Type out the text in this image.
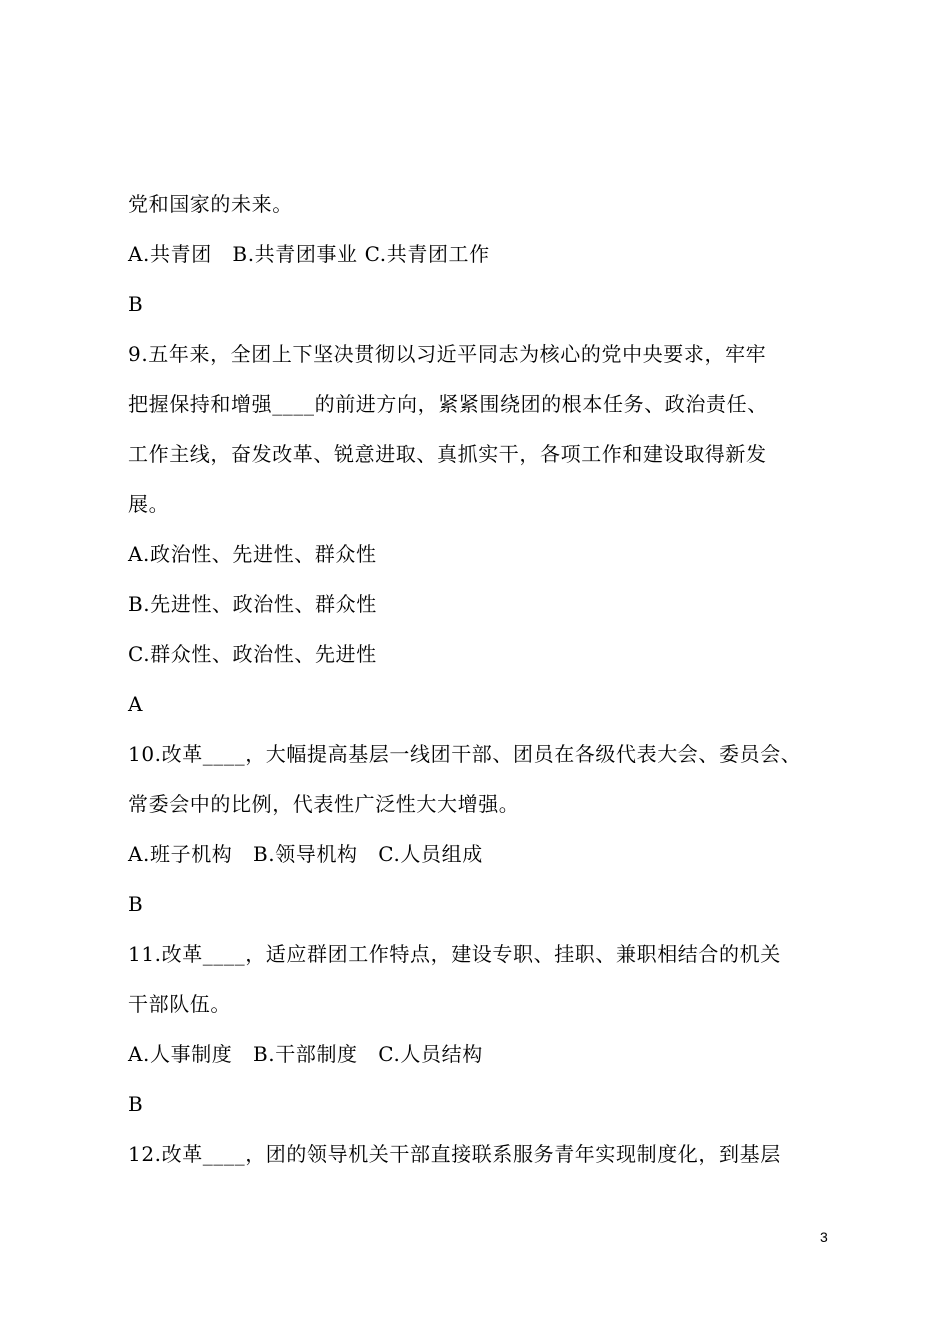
党和国家的未来。
A.共青团　B.共青团事业 C.共青团工作
B
9.五年来，全团上下坚决贯彻以习近平同志为核心的党中央要求，牢牢
把握保持和增强____的前进方向，紧紧围绕团的根本任务、政治责任、
工作主线，奋发改革、锐意进取、真抓实干，各项工作和建设取得新发
展。
A.政治性、先进性、群众性
B.先进性、政治性、群众性
C.群众性、政治性、先进性
A
10.改革____，大幅提高基层一线团干部、团员在各级代表大会、委员会、
常委会中的比例，代表性广泛性大大增强。
A.班子机构　B.领导机构　C.人员组成
B
11.改革____，适应群团工作特点，建设专职、挂职、兼职相结合的机关
干部队伍。
A.人事制度　B.干部制度　C.人员结构
B
12.改革____，团的领导机关干部直接联系服务青年实现制度化，到基层
3
